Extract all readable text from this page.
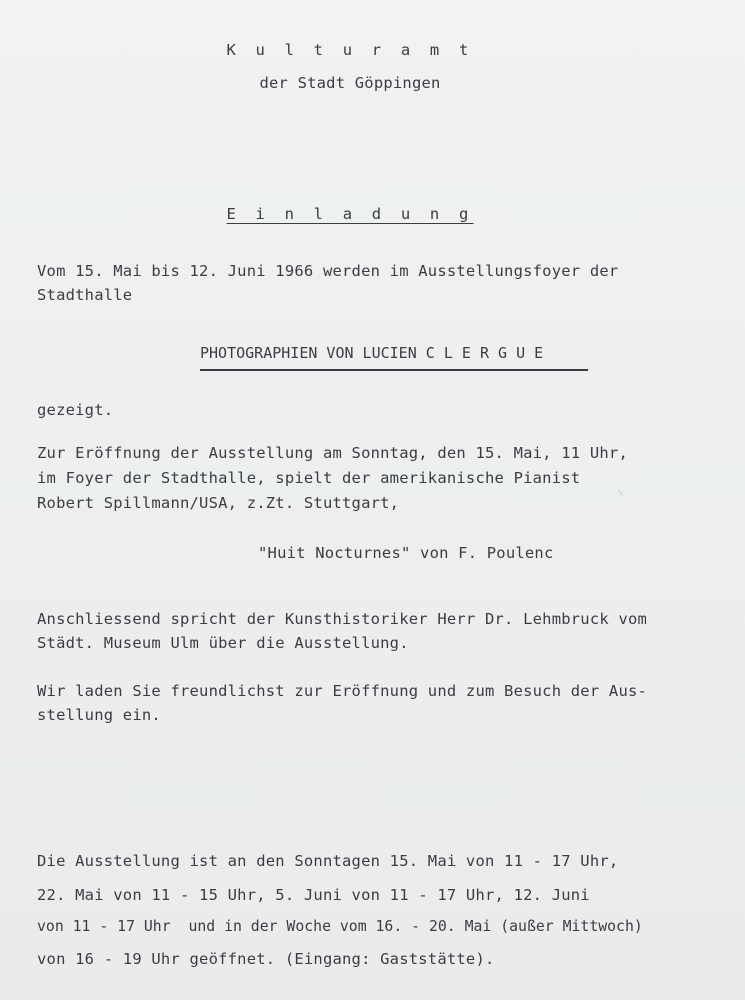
K u l t u r a m t
der Stadt Göppingen
E i n l a d u n g
Vom 15. Mai bis 12. Juni 1966 werden im Ausstellungsfoyer der
Stadthalle
PHOTOGRAPHIEN VON LUCIEN C L E R G U E
gezeigt.
Zur Eröffnung der Ausstellung am Sonntag, den 15. Mai, 11 Uhr,
im Foyer der Stadthalle, spielt der amerikanische Pianist
Robert Spillmann/USA, z.Zt. Stuttgart,
"Huit Nocturnes" von F. Poulenc
Anschliessend spricht der Kunsthistoriker Herr Dr. Lehmbruck vom
Städt. Museum Ulm über die Ausstellung.
Wir laden Sie freundlichst zur Eröffnung und zum Besuch der Aus-
stellung ein.
Die Ausstellung ist an den Sonntagen 15. Mai von 11 - 17 Uhr,
22. Mai von 11 - 15 Uhr, 5. Juni von 11 - 17 Uhr, 12. Juni
von 11 - 17 Uhr  und in der Woche vom 16. - 20. Mai (außer Mittwoch)
von 16 - 19 Uhr geöffnet. (Eingang: Gaststätte).
